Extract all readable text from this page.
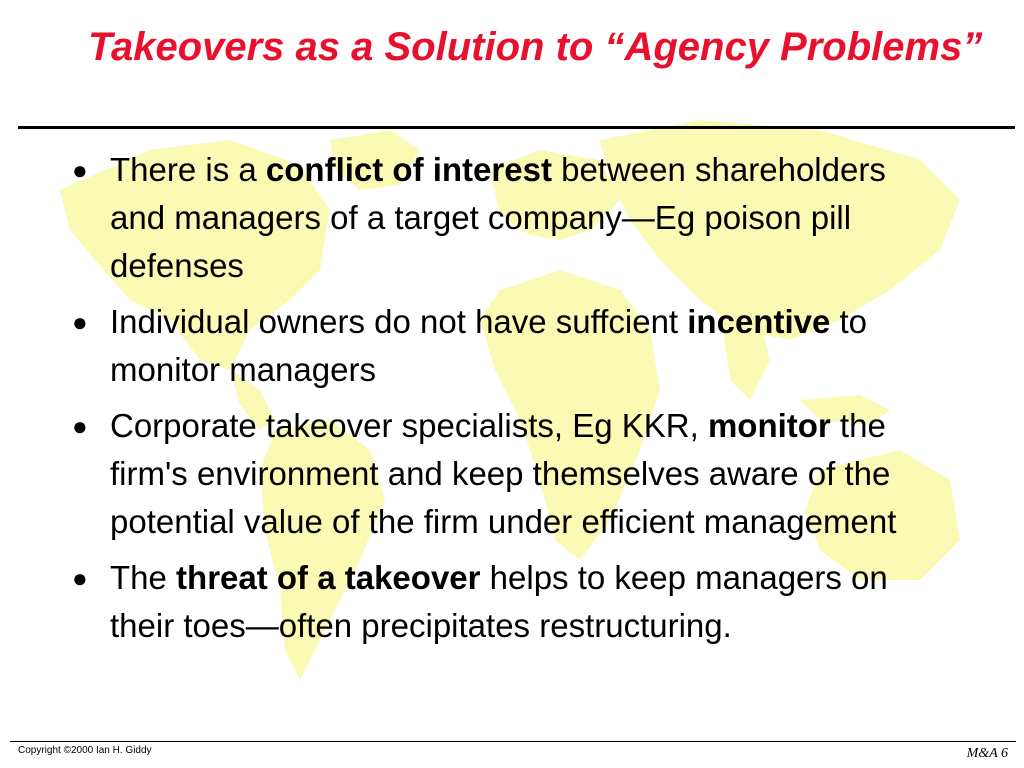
Takeovers as a Solution to “Agency Problems”
● There is a conflict of interest between shareholders and managers of a target company—Eg poison pill defenses
● Individual owners do not have suffcient incentive to monitor managers
● Corporate takeover specialists, Eg KKR, monitor the firm's environment and keep themselves aware of the potential value of the firm under efficient management
● The threat of a takeover helps to keep managers on their toes—often precipitates restructuring.
Copyright ©2000 Ian H. Giddy	M&A 6
